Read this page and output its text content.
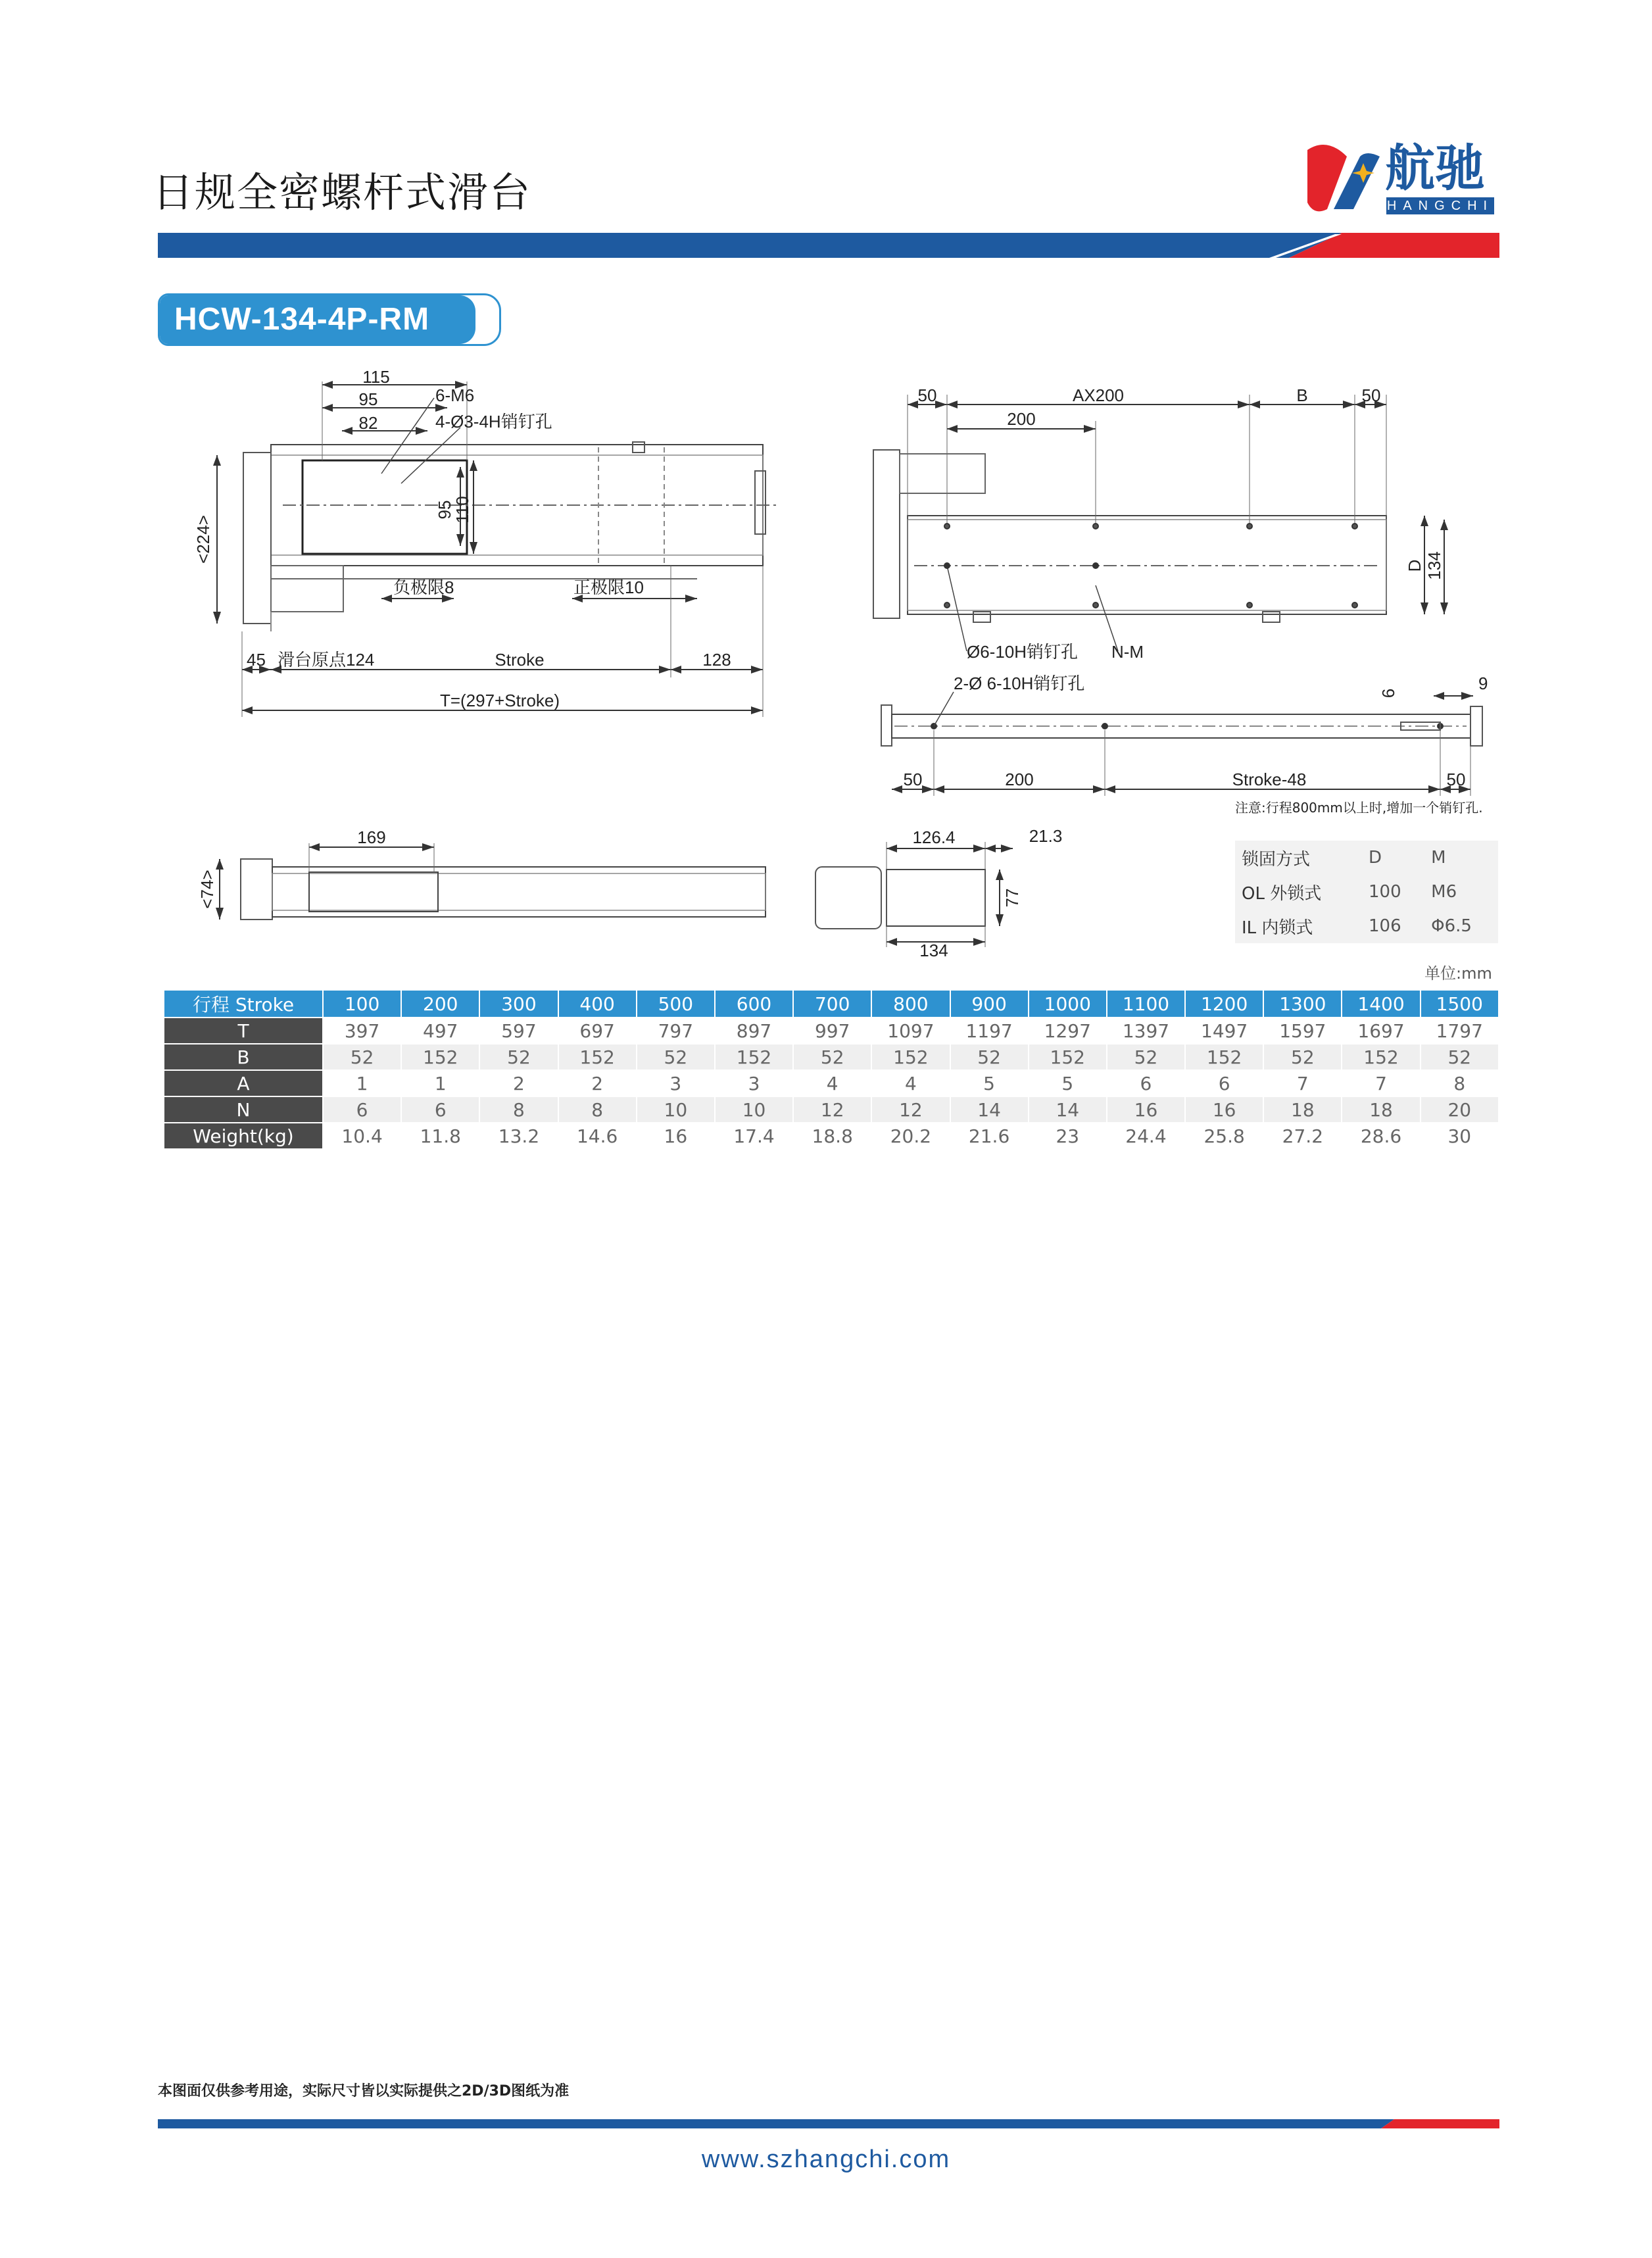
日规全密螺杆式滑台	航驰
HANGCHI
HCW-134-4P-RM
115
95
82
6-M6
4-Ø3-4H销钉孔
<224>
95
110
负极限8	正极限10
45 滑台原点124	Stroke	128
T=(297+Stroke)
50	AX200	B	50
200
Ø6-10H销钉孔 N-M
D 134
2-Ø 6-10H销钉孔	6	9
50	200	Stroke-48	50
169
<74>
126.4	21.3
77
134
注意:行程800mm以上时,增加一个销钉孔.
锁固方式	D	M
OL 外锁式	100	M6
IL 内锁式	106	Φ6.5
单位:mm
行程 Stroke	100	200	300	400	500	600	700	800	900	1000	1100	1200	1300	1400	1500
T	397	497	597	697	797	897	997	1097	1197	1297	1397	1497	1597	1697	1797
B	52	152	52	152	52	152	52	152	52	152	52	152	52	152	52
A	1	1	2	2	3	3	4	4	5	5	6	6	7	7	8
N	6	6	8	8	10	10	12	12	14	14	16	16	18	18	20
Weight(kg)	10.4	11.8	13.2	14.6	16	17.4	18.8	20.2	21.6	23	24.4	25.8	27.2	28.6	30
本图面仅供参考用途，实际尺寸皆以实际提供之2D/3D图纸为准
www.szhangchi.com
